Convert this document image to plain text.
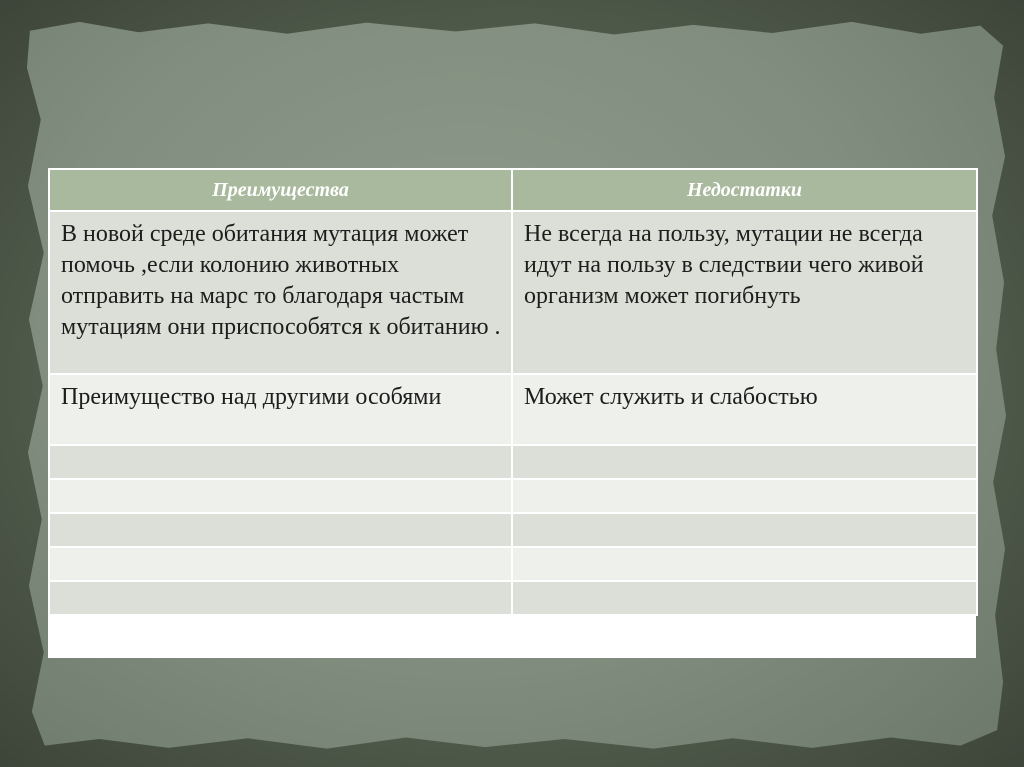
Преимущества	Недостатки
В новой среде обитания мутация может помочь ,если колонию животных отправить на марс то благодаря частым мутациям они приспособятся к обитанию .	Не всегда на пользу, мутации не всегда идут на пользу в следствии чего живой организм может погибнуть
Преимущество над другими особями	Может служить и слабостью
